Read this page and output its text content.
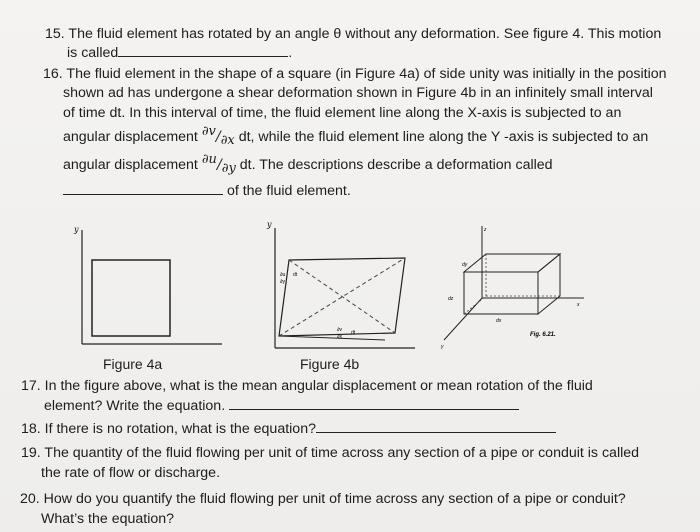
15. The fluid element has rotated by an angle θ without any deformation. See figure 4. This motion
is called	.
16. The fluid element in the shape of a square (in Figure 4a) of side unity was initially in the position
shown ad has undergone a shear deformation shown in Figure 4b in an infinitely small interval
of time dt. In this interval of time, the fluid element line along the X-axis is subjected to an
angular displacement ∂v/∂x dt, while the fluid element line along the Y -axis is subjected to an
angular displacement ∂u/∂y dt. The descriptions describe a deformation called
of the fluid element.
y
y
∂u
∂y
dt
∂v
∂x
dt
z
y
x
dz
dy
dx
Fig. 6.21.
Figure 4a	Figure 4b
17. In the figure above, what is the mean angular displacement or mean rotation of the fluid
element? Write the equation.
18. If there is no rotation, what is the equation?
19. The quantity of the fluid flowing per unit of time across any section of a pipe or conduit is called
the rate of flow or discharge.
20. How do you quantify the fluid flowing per unit of time across any section of a pipe or conduit?
What’s the equation?
